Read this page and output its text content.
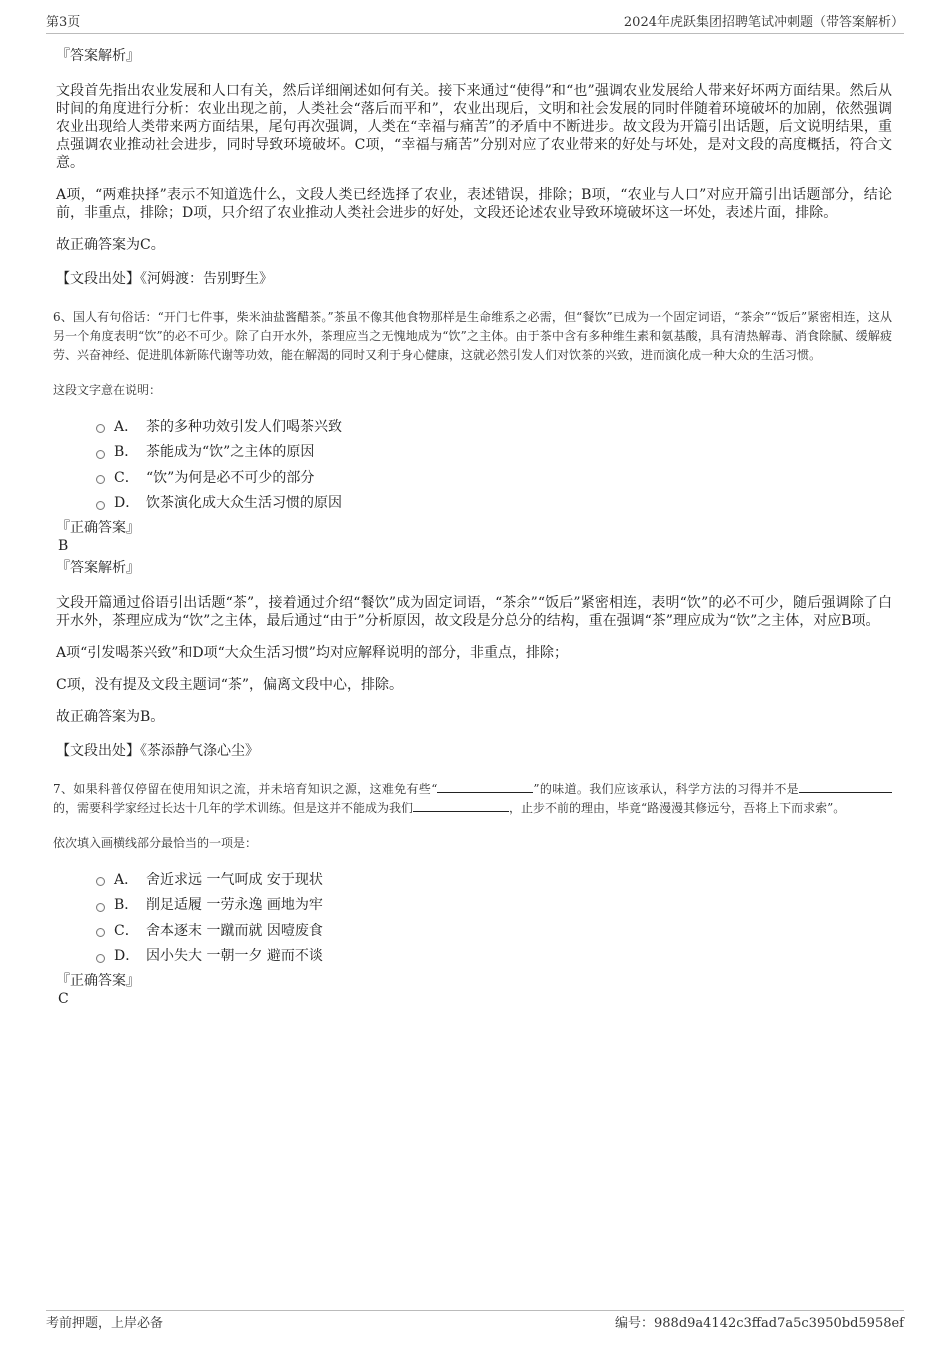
第3页	2024年虎跃集团招聘笔试冲刺题（带答案解析）
『答案解析』

文段首先指出农业发展和人口有关，然后详细阐述如何有关。接下来通过“使得”和“也”强调农业发展给人带来好坏两方面结果。然后从时间的角度进行分析：农业出现之前，人类社会“落后而平和”，农业出现后，文明和社会发展的同时伴随着环境破坏的加剧，依然强调农业出现给人类带来两方面结果，尾句再次强调，人类在“幸福与痛苦”的矛盾中不断进步。故文段为开篇引出话题，后文说明结果，重点强调农业推动社会进步，同时导致环境破坏。C项，“幸福与痛苦”分别对应了农业带来的好处与坏处，是对文段的高度概括，符合文意。

A项，“两难抉择”表示不知道选什么，文段人类已经选择了农业，表述错误，排除；B项，“农业与人口”对应开篇引出话题部分，结论前，非重点，排除；D项，只介绍了农业推动人类社会进步的好处，文段还论述农业导致环境破坏这一坏处，表述片面，排除。

故正确答案为C。

【文段出处】《河姆渡：告别野生》

6、国人有句俗话：“开门七件事，柴米油盐酱醋茶。”茶虽不像其他食物那样是生命维系之必需，但“餐饮”已成为一个固定词语，“茶余”“饭后”紧密相连，这从另一个角度表明“饮”的必不可少。除了白开水外，茶理应当之无愧地成为“饮”之主体。由于茶中含有多种维生素和氨基酸，具有清热解毒、消食除腻、缓解疲劳、兴奋神经、促进肌体新陈代谢等功效，能在解渴的同时又利于身心健康，这就必然引发人们对饮茶的兴致，进而演化成一种大众的生活习惯。

这段文字意在说明：

A． 茶的多种功效引发人们喝茶兴致
B． 茶能成为“饮”之主体的原因
C． “饮”为何是必不可少的部分
D． 饮茶演化成大众生活习惯的原因
『正确答案』
B
『答案解析』

文段开篇通过俗语引出话题“茶”，接着通过介绍“餐饮”成为固定词语，“茶余”“饭后”紧密相连，表明“饮”的必不可少，随后强调除了白开水外，茶理应成为“饮”之主体，最后通过“由于”分析原因，故文段是分总分的结构，重在强调“茶”理应成为“饮”之主体，对应B项。

A项“引发喝茶兴致”和D项“大众生活习惯”均对应解释说明的部分，非重点，排除；

C项，没有提及文段主题词“茶”，偏离文段中心，排除。

故正确答案为B。

【文段出处】《茶添静气涤心尘》

7、如果科普仅停留在使用知识之流，并未培育知识之源，这难免有些“	”的味道。我们应该承认，科学方法的习得并不是的，需要科学家经过长达十几年的学术训练。但是这并不能成为我们	，止步不前的理由，毕竟“路漫漫其修远兮，吾将上下而求索”。

依次填入画横线部分最恰当的一项是：

A． 舍近求远 一气呵成 安于现状
B． 削足适履 一劳永逸 画地为牢
C． 舍本逐末 一蹴而就 因噎废食
D． 因小失大 一朝一夕 避而不谈
『正确答案』
C
考前押题，上岸必备	编号：988d9a4142c3ffad7a5c3950bd5958ef
